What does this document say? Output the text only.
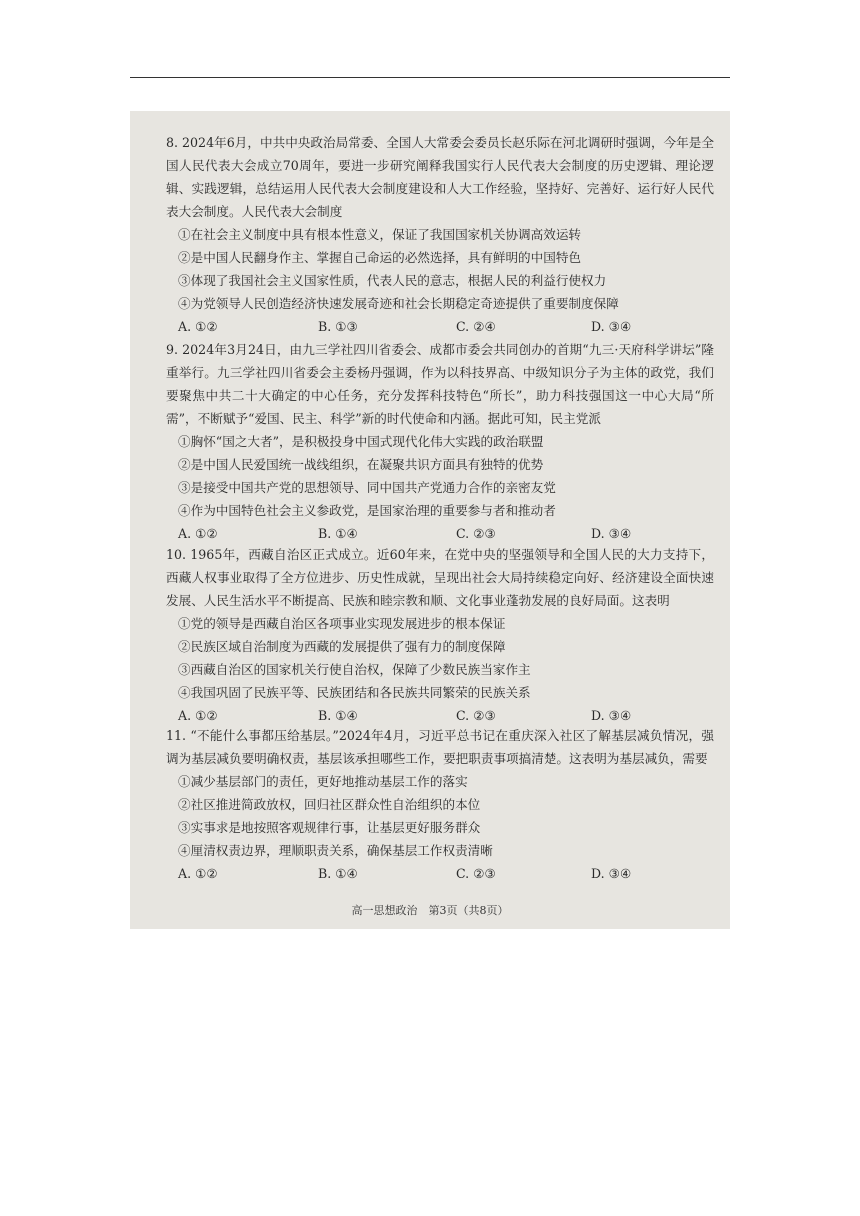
8. 2024年6月，中共中央政治局常委、全国人大常委会委员长赵乐际在河北调研时强调，今年是全国人民代表大会成立70周年，要进一步研究阐释我国实行人民代表大会制度的历史逻辑、理论逻辑、实践逻辑，总结运用人民代表大会制度建设和人大工作经验，坚持好、完善好、运行好人民代表大会制度。人民代表大会制度
①在社会主义制度中具有根本性意义，保证了我国国家机关协调高效运转
②是中国人民翻身作主、掌握自己命运的必然选择，具有鲜明的中国特色
③体现了我国社会主义国家性质，代表人民的意志，根据人民的利益行使权力
④为党领导人民创造经济快速发展奇迹和社会长期稳定奇迹提供了重要制度保障
A. ①②	B. ①③	C. ②④	D. ③④
9. 2024年3月24日，由九三学社四川省委会、成都市委会共同创办的首期“九三·天府科学讲坛”隆重举行。九三学社四川省委会主委杨丹强调，作为以科技界高、中级知识分子为主体的政党，我们要聚焦中共二十大确定的中心任务，充分发挥科技特色“所长”，助力科技强国这一中心大局“所需”，不断赋予“爱国、民主、科学”新的时代使命和内涵。据此可知，民主党派
①胸怀“国之大者”，是积极投身中国式现代化伟大实践的政治联盟
②是中国人民爱国统一战线组织，在凝聚共识方面具有独特的优势
③是接受中国共产党的思想领导、同中国共产党通力合作的亲密友党
④作为中国特色社会主义参政党，是国家治理的重要参与者和推动者
A. ①②	B. ①④	C. ②③	D. ③④
10. 1965年，西藏自治区正式成立。近60年来，在党中央的坚强领导和全国人民的大力支持下，西藏人权事业取得了全方位进步、历史性成就，呈现出社会大局持续稳定向好、经济建设全面快速发展、人民生活水平不断提高、民族和睦宗教和顺、文化事业蓬勃发展的良好局面。这表明
①党的领导是西藏自治区各项事业实现发展进步的根本保证
②民族区域自治制度为西藏的发展提供了强有力的制度保障
③西藏自治区的国家机关行使自治权，保障了少数民族当家作主
④我国巩固了民族平等、民族团结和各民族共同繁荣的民族关系
A. ①②	B. ①④	C. ②③	D. ③④
11. “不能什么事都压给基层。”2024年4月，习近平总书记在重庆深入社区了解基层减负情况，强调为基层减负要明确权责，基层该承担哪些工作，要把职责事项搞清楚。这表明为基层减负，需要
①减少基层部门的责任，更好地推动基层工作的落实
②社区推进简政放权，回归社区群众性自治组织的本位
③实事求是地按照客观规律行事，让基层更好服务群众
④厘清权责边界，理顺职责关系，确保基层工作权责清晰
A. ①②	B. ①④	C. ②③	D. ③④
高一思想政治　第3页（共8页）
